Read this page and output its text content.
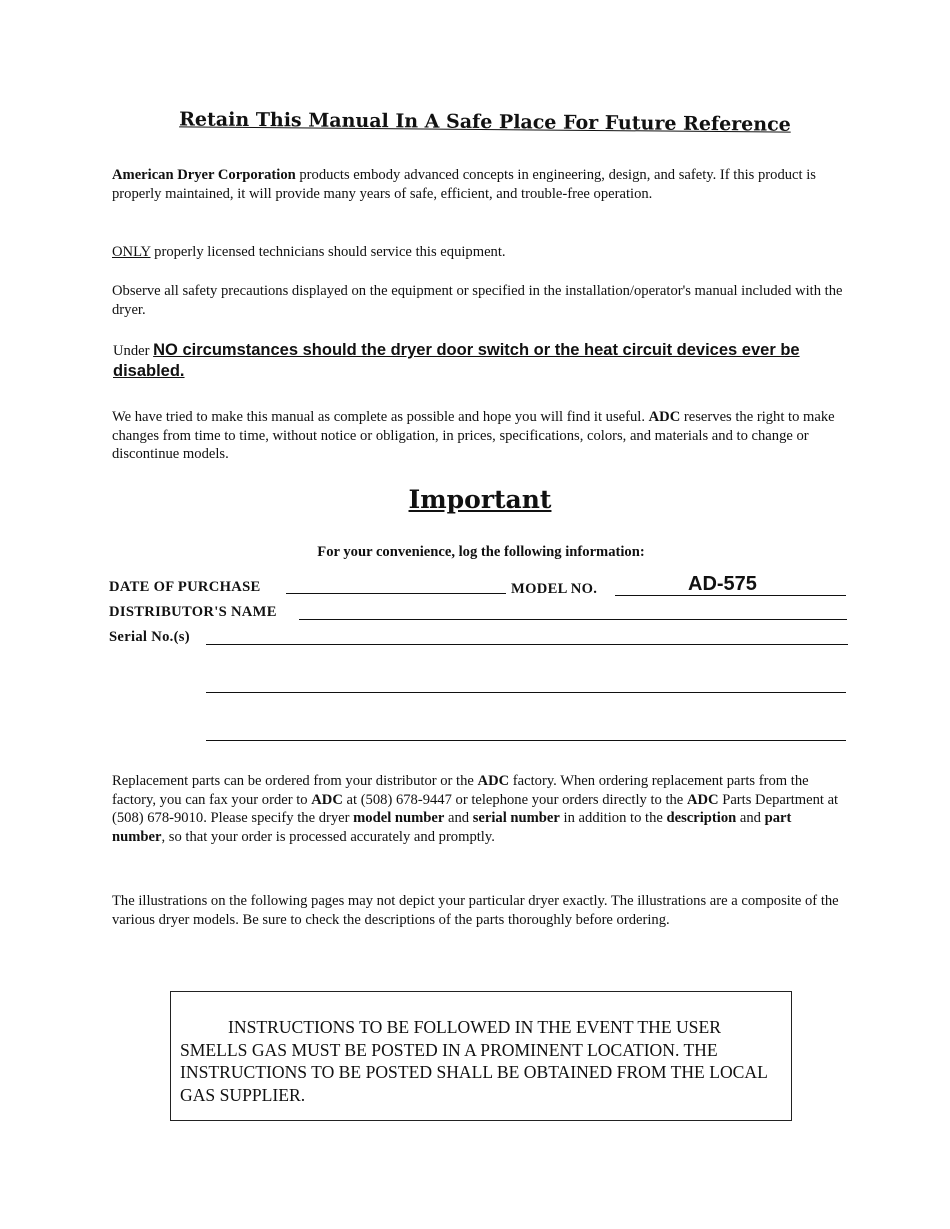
Retain This Manual In A Safe Place For Future Reference
American Dryer Corporation products embody advanced concepts in engineering, design, and safety. If this product is properly maintained, it will provide many years of safe, efficient, and trouble-free operation.
ONLY properly licensed technicians should service this equipment.
Observe all safety precautions displayed on the equipment or specified in the installation/operator's manual included with the dryer.
Under NO circumstances should the dryer door switch or the heat circuit devices ever be disabled.
We have tried to make this manual as complete as possible and hope you will find it useful. ADC reserves the right to make changes from time to time, without notice or obligation, in prices, specifications, colors, and materials and to change or discontinue models.
Important
For your convenience, log the following information:
DATE OF PURCHASE	MODEL NO.	AD-575
DISTRIBUTOR'S NAME
Serial No.(s)
Replacement parts can be ordered from your distributor or the ADC factory. When ordering replacement parts from the factory, you can fax your order to ADC at (508) 678-9447 or telephone your orders directly to the ADC Parts Department at (508) 678-9010. Please specify the dryer model number and serial number in addition to the description and part number, so that your order is processed accurately and promptly.
The illustrations on the following pages may not depict your particular dryer exactly. The illustrations are a composite of the various dryer models. Be sure to check the descriptions of the parts thoroughly before ordering.

INSTRUCTIONS TO BE FOLLOWED IN THE EVENT THE USER SMELLS GAS MUST BE POSTED IN A PROMINENT LOCATION. THE INSTRUCTIONS TO BE POSTED SHALL BE OBTAINED FROM THE LOCAL GAS SUPPLIER.
